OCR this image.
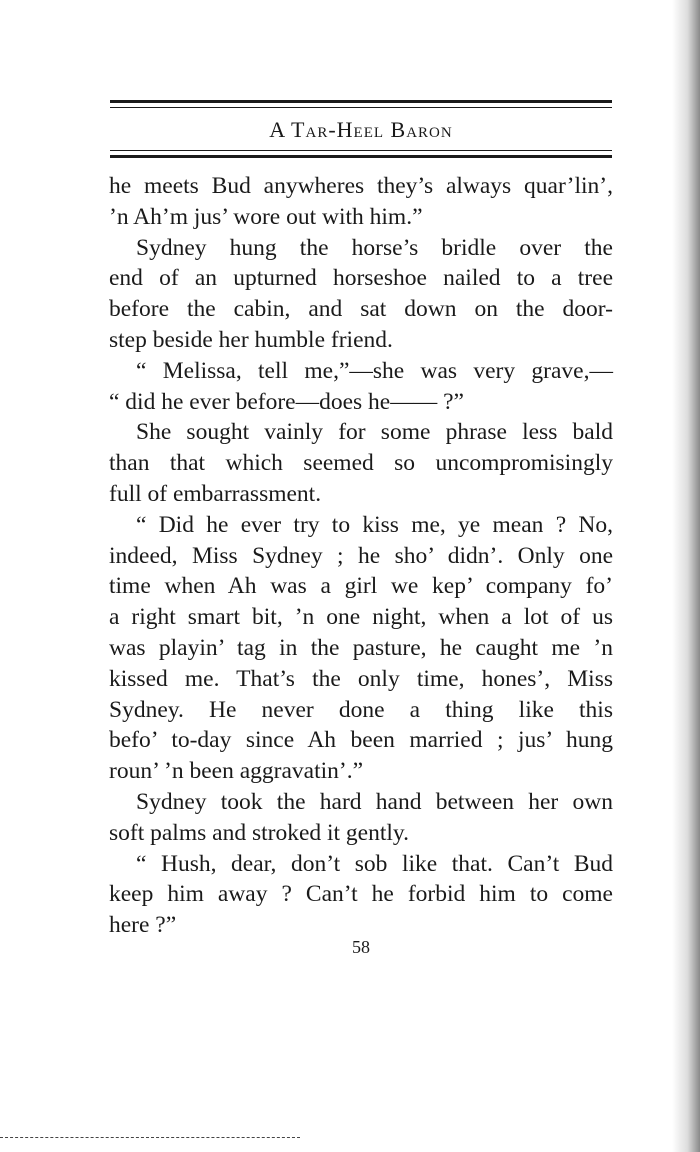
A Tar-Heel Baron
he meets Bud anywheres they’s always quar’lin’,
’n Ah’m jus’ wore out with him.”
Sydney hung the horse’s bridle over the
end of an upturned horseshoe nailed to a tree
before the cabin, and sat down on the door-
step beside her humble friend.
“ Melissa, tell me,”—she was very grave,—
“ did he ever before—does he—— ?”
She sought vainly for some phrase less bald
than that which seemed so uncompromisingly
full of embarrassment.
“ Did he ever try to kiss me, ye mean ? No,
indeed, Miss Sydney ; he sho’ didn’. Only one
time when Ah was a girl we kep’ company fo’
a right smart bit, ’n one night, when a lot of us
was playin’ tag in the pasture, he caught me ’n
kissed me. That’s the only time, hones’, Miss
Sydney. He never done a thing like this
befo’ to-day since Ah been married ; jus’ hung
roun’ ’n been aggravatin’.”
Sydney took the hard hand between her own
soft palms and stroked it gently.
“ Hush, dear, don’t sob like that. Can’t Bud
keep him away ? Can’t he forbid him to come
here ?”
58
